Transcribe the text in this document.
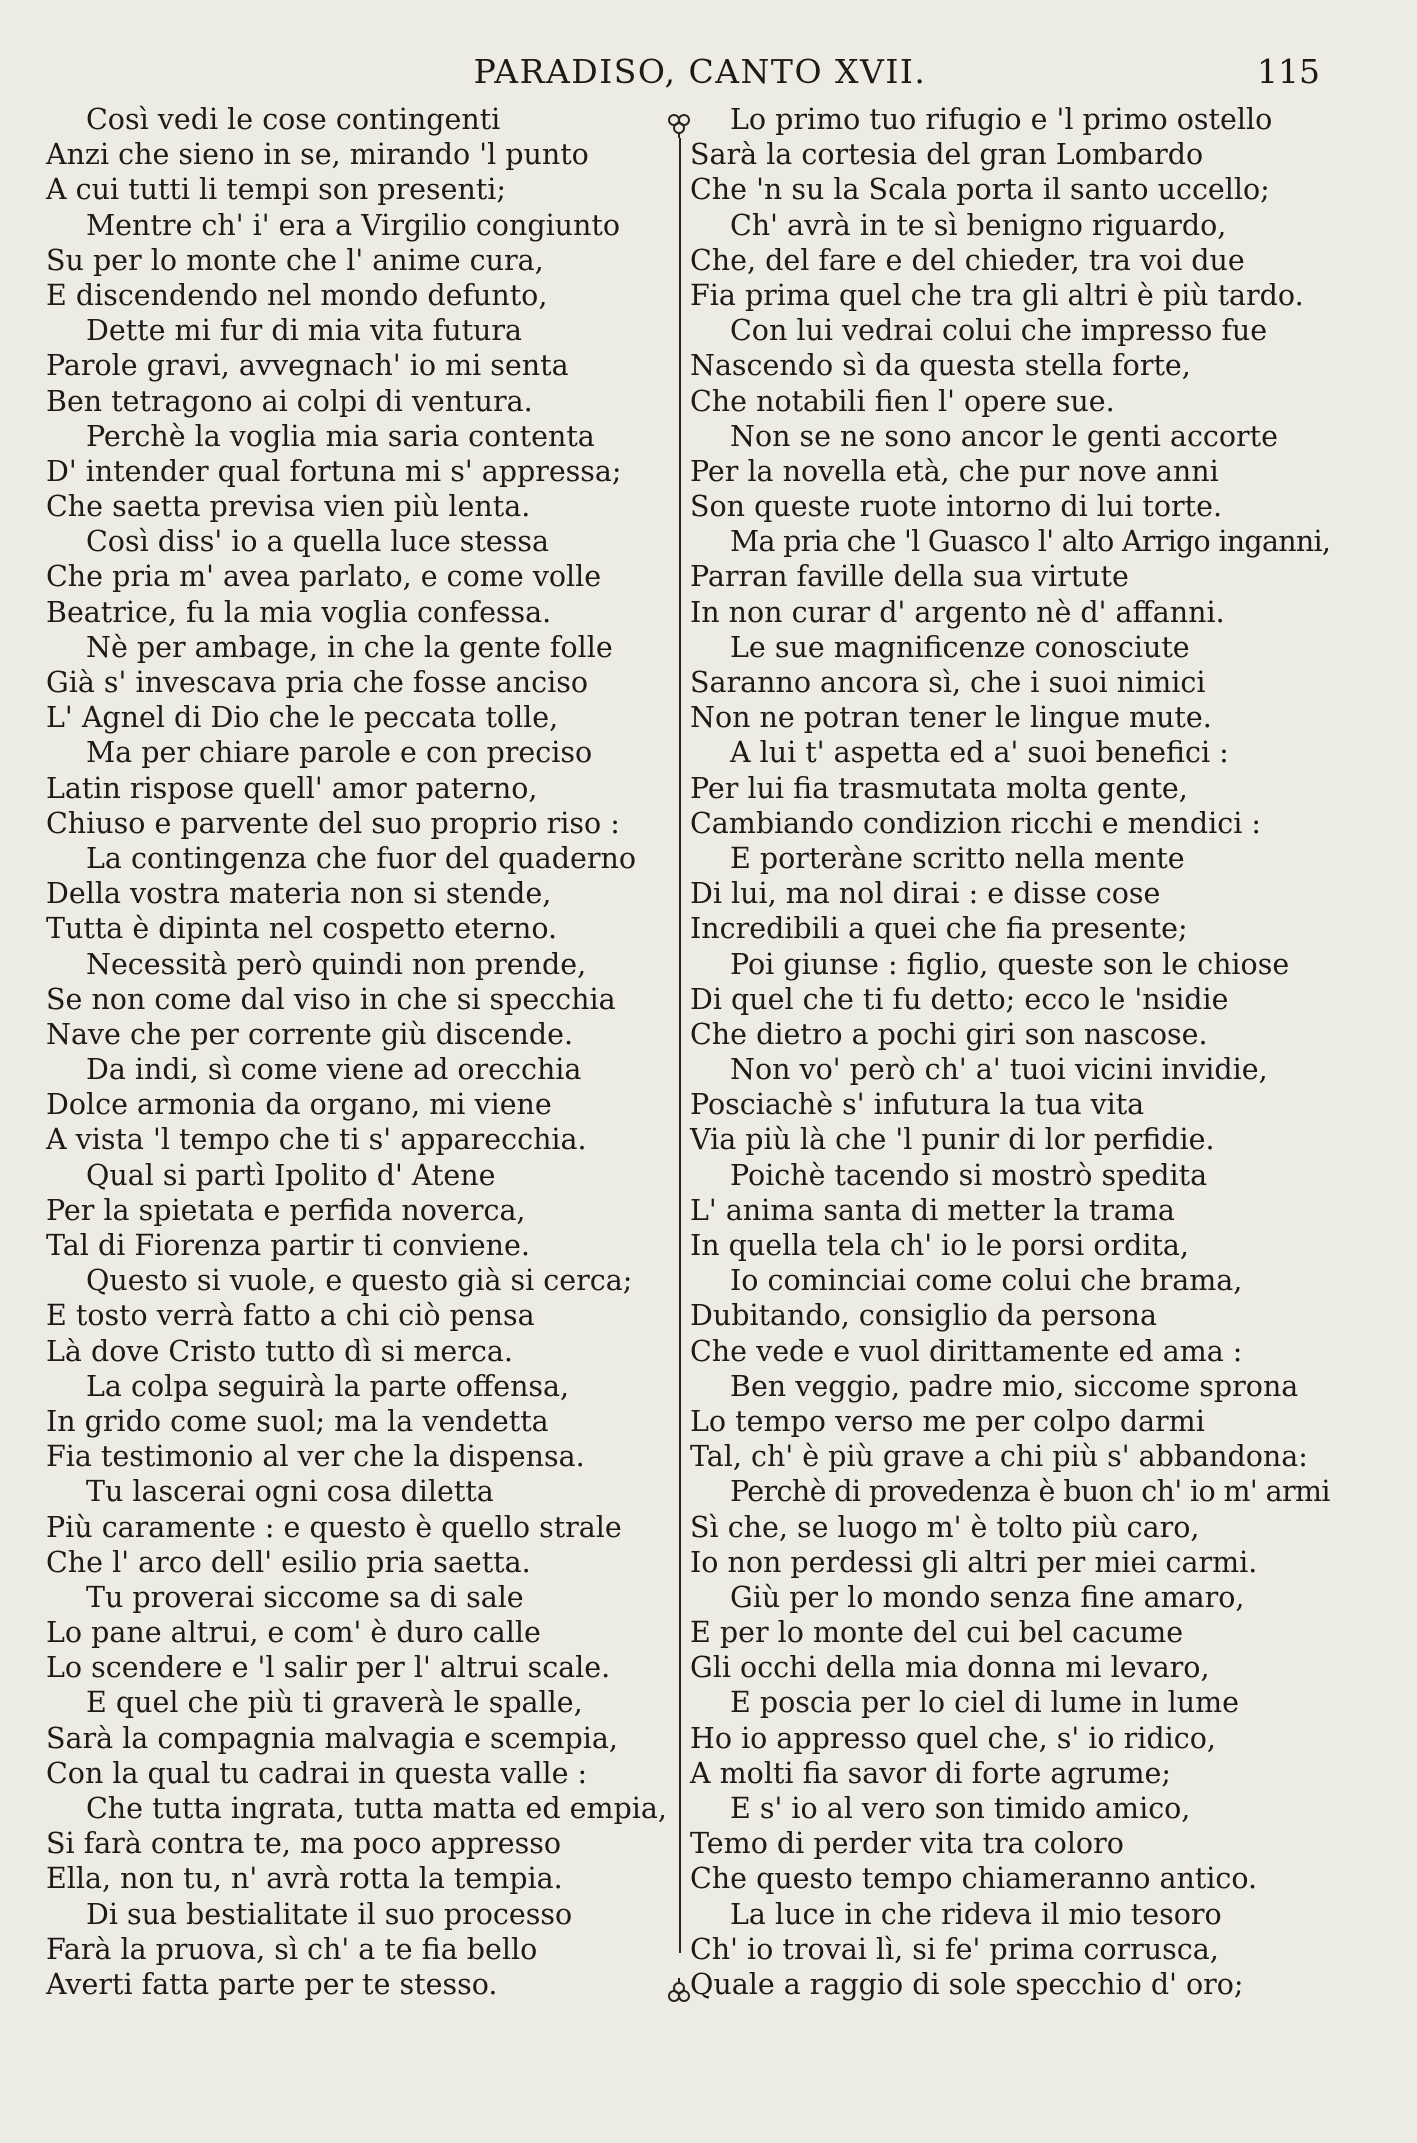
PARADISO, CANTO XVII.	115
Così vedi le cose contingenti
Anzi che sieno in se, mirando 'l punto
A cui tutti li tempi son presenti;
Mentre ch' i' era a Virgilio congiunto
Su per lo monte che l' anime cura,
E discendendo nel mondo defunto,
Dette mi fur di mia vita futura
Parole gravi, avvegnach' io mi senta
Ben tetragono ai colpi di ventura.
Perchè la voglia mia saria contenta
D' intender qual fortuna mi s' appressa;
Che saetta previsa vien più lenta.
Così diss' io a quella luce stessa
Che pria m' avea parlato, e come volle
Beatrice, fu la mia voglia confessa.
Nè per ambage, in che la gente folle
Già s' invescava pria che fosse anciso
L' Agnel di Dio che le peccata tolle,
Ma per chiare parole e con preciso
Latin rispose quell' amor paterno,
Chiuso e parvente del suo proprio riso :
La contingenza che fuor del quaderno
Della vostra materia non si stende,
Tutta è dipinta nel cospetto eterno.
Necessità però quindi non prende,
Se non come dal viso in che si specchia
Nave che per corrente giù discende.
Da indi, sì come viene ad orecchia
Dolce armonia da organo, mi viene
A vista 'l tempo che ti s' apparecchia.
Qual si partì Ipolito d' Atene
Per la spietata e perfida noverca,
Tal di Fiorenza partir ti conviene.
Questo si vuole, e questo già si cerca;
E tosto verrà fatto a chi ciò pensa
Là dove Cristo tutto dì si merca.
La colpa seguirà la parte offensa,
In grido come suol; ma la vendetta
Fia testimonio al ver che la dispensa.
Tu lascerai ogni cosa diletta
Più caramente : e questo è quello strale
Che l' arco dell' esilio pria saetta.
Tu proverai siccome sa di sale
Lo pane altrui, e com' è duro calle
Lo scendere e 'l salir per l' altrui scale.
E quel che più ti graverà le spalle,
Sarà la compagnia malvagia e scempia,
Con la qual tu cadrai in questa valle :
Che tutta ingrata, tutta matta ed empia,
Si farà contra te, ma poco appresso
Ella, non tu, n' avrà rotta la tempia.
Di sua bestialitate il suo processo
Farà la pruova, sì ch' a te fia bello
Averti fatta parte per te stesso.
Lo primo tuo rifugio e 'l primo ostello
Sarà la cortesia del gran Lombardo
Che 'n su la Scala porta il santo uccello;
Ch' avrà in te sì benigno riguardo,
Che, del fare e del chieder, tra voi due
Fia prima quel che tra gli altri è più tardo.
Con lui vedrai colui che impresso fue
Nascendo sì da questa stella forte,
Che notabili fien l' opere sue.
Non se ne sono ancor le genti accorte
Per la novella età, che pur nove anni
Son queste ruote intorno di lui torte.
Ma pria che 'l Guasco l' alto Arrigo inganni,
Parran faville della sua virtute
In non curar d' argento nè d' affanni.
Le sue magnificenze conosciute
Saranno ancora sì, che i suoi nimici
Non ne potran tener le lingue mute.
A lui t' aspetta ed a' suoi benefici :
Per lui fia trasmutata molta gente,
Cambiando condizion ricchi e mendici :
E porteràne scritto nella mente
Di lui, ma nol dirai : e disse cose
Incredibili a quei che fia presente;
Poi giunse : figlio, queste son le chiose
Di quel che ti fu detto; ecco le 'nsidie
Che dietro a pochi giri son nascose.
Non vo' però ch' a' tuoi vicini invidie,
Posciachè s' infutura la tua vita
Via più là che 'l punir di lor perfidie.
Poichè tacendo si mostrò spedita
L' anima santa di metter la trama
In quella tela ch' io le porsi ordita,
Io cominciai come colui che brama,
Dubitando, consiglio da persona
Che vede e vuol dirittamente ed ama :
Ben veggio, padre mio, siccome sprona
Lo tempo verso me per colpo darmi
Tal, ch' è più grave a chi più s' abbandona:
Perchè di provedenza è buon ch' io m' armi
Sì che, se luogo m' è tolto più caro,
Io non perdessi gli altri per miei carmi.
Giù per lo mondo senza fine amaro,
E per lo monte del cui bel cacume
Gli occhi della mia donna mi levaro,
E poscia per lo ciel di lume in lume
Ho io appresso quel che, s' io ridico,
A molti fia savor di forte agrume;
E s' io al vero son timido amico,
Temo di perder vita tra coloro
Che questo tempo chiameranno antico.
La luce in che rideva il mio tesoro
Ch' io trovai lì, si fe' prima corrusca,
Quale a raggio di sole specchio d' oro;
